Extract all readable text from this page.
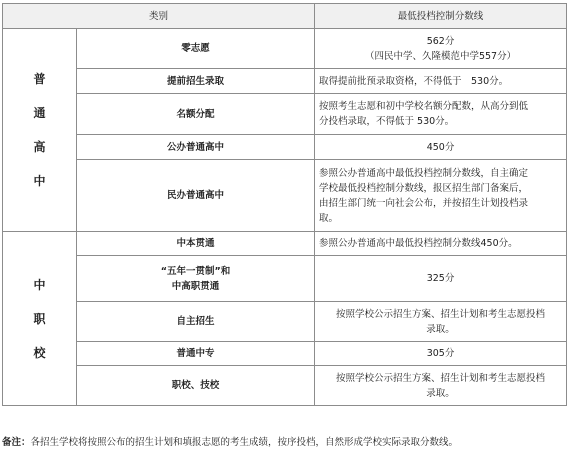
类别		最低投档控制分数线

普
通
高
中	零志愿	562分
（四民中学、久隆模范中学557分）

	提前招生录取	取得提前批预录取资格，不得低于　530分。

	名额分配	按照考生志愿和初中学校名额分配数，从高分到低
分投档录取，不得低于 530分。

	公办普通高中	450分

	民办普通高中	参照公办普通高中最低投档控制分数线，自主确定
学校最低投档控制分数线，报区招生部门备案后，
由招生部门统一向社会公布，并按招生计划投档录
取。

中
职
校	中本贯通	参照公办普通高中最低投档控制分数线450分。

	“五年一贯制”和
中高职贯通	325分

	自主招生	按照学校公示招生方案、招生计划和考生志愿投档
录取。

	普通中专	305分

	职校、技校	按照学校公示招生方案、招生计划和考生志愿投档
录取。
备注：各招生学校将按照公布的招生计划和填报志愿的考生成绩，按序投档，自然形成学校实际录取分数线。
